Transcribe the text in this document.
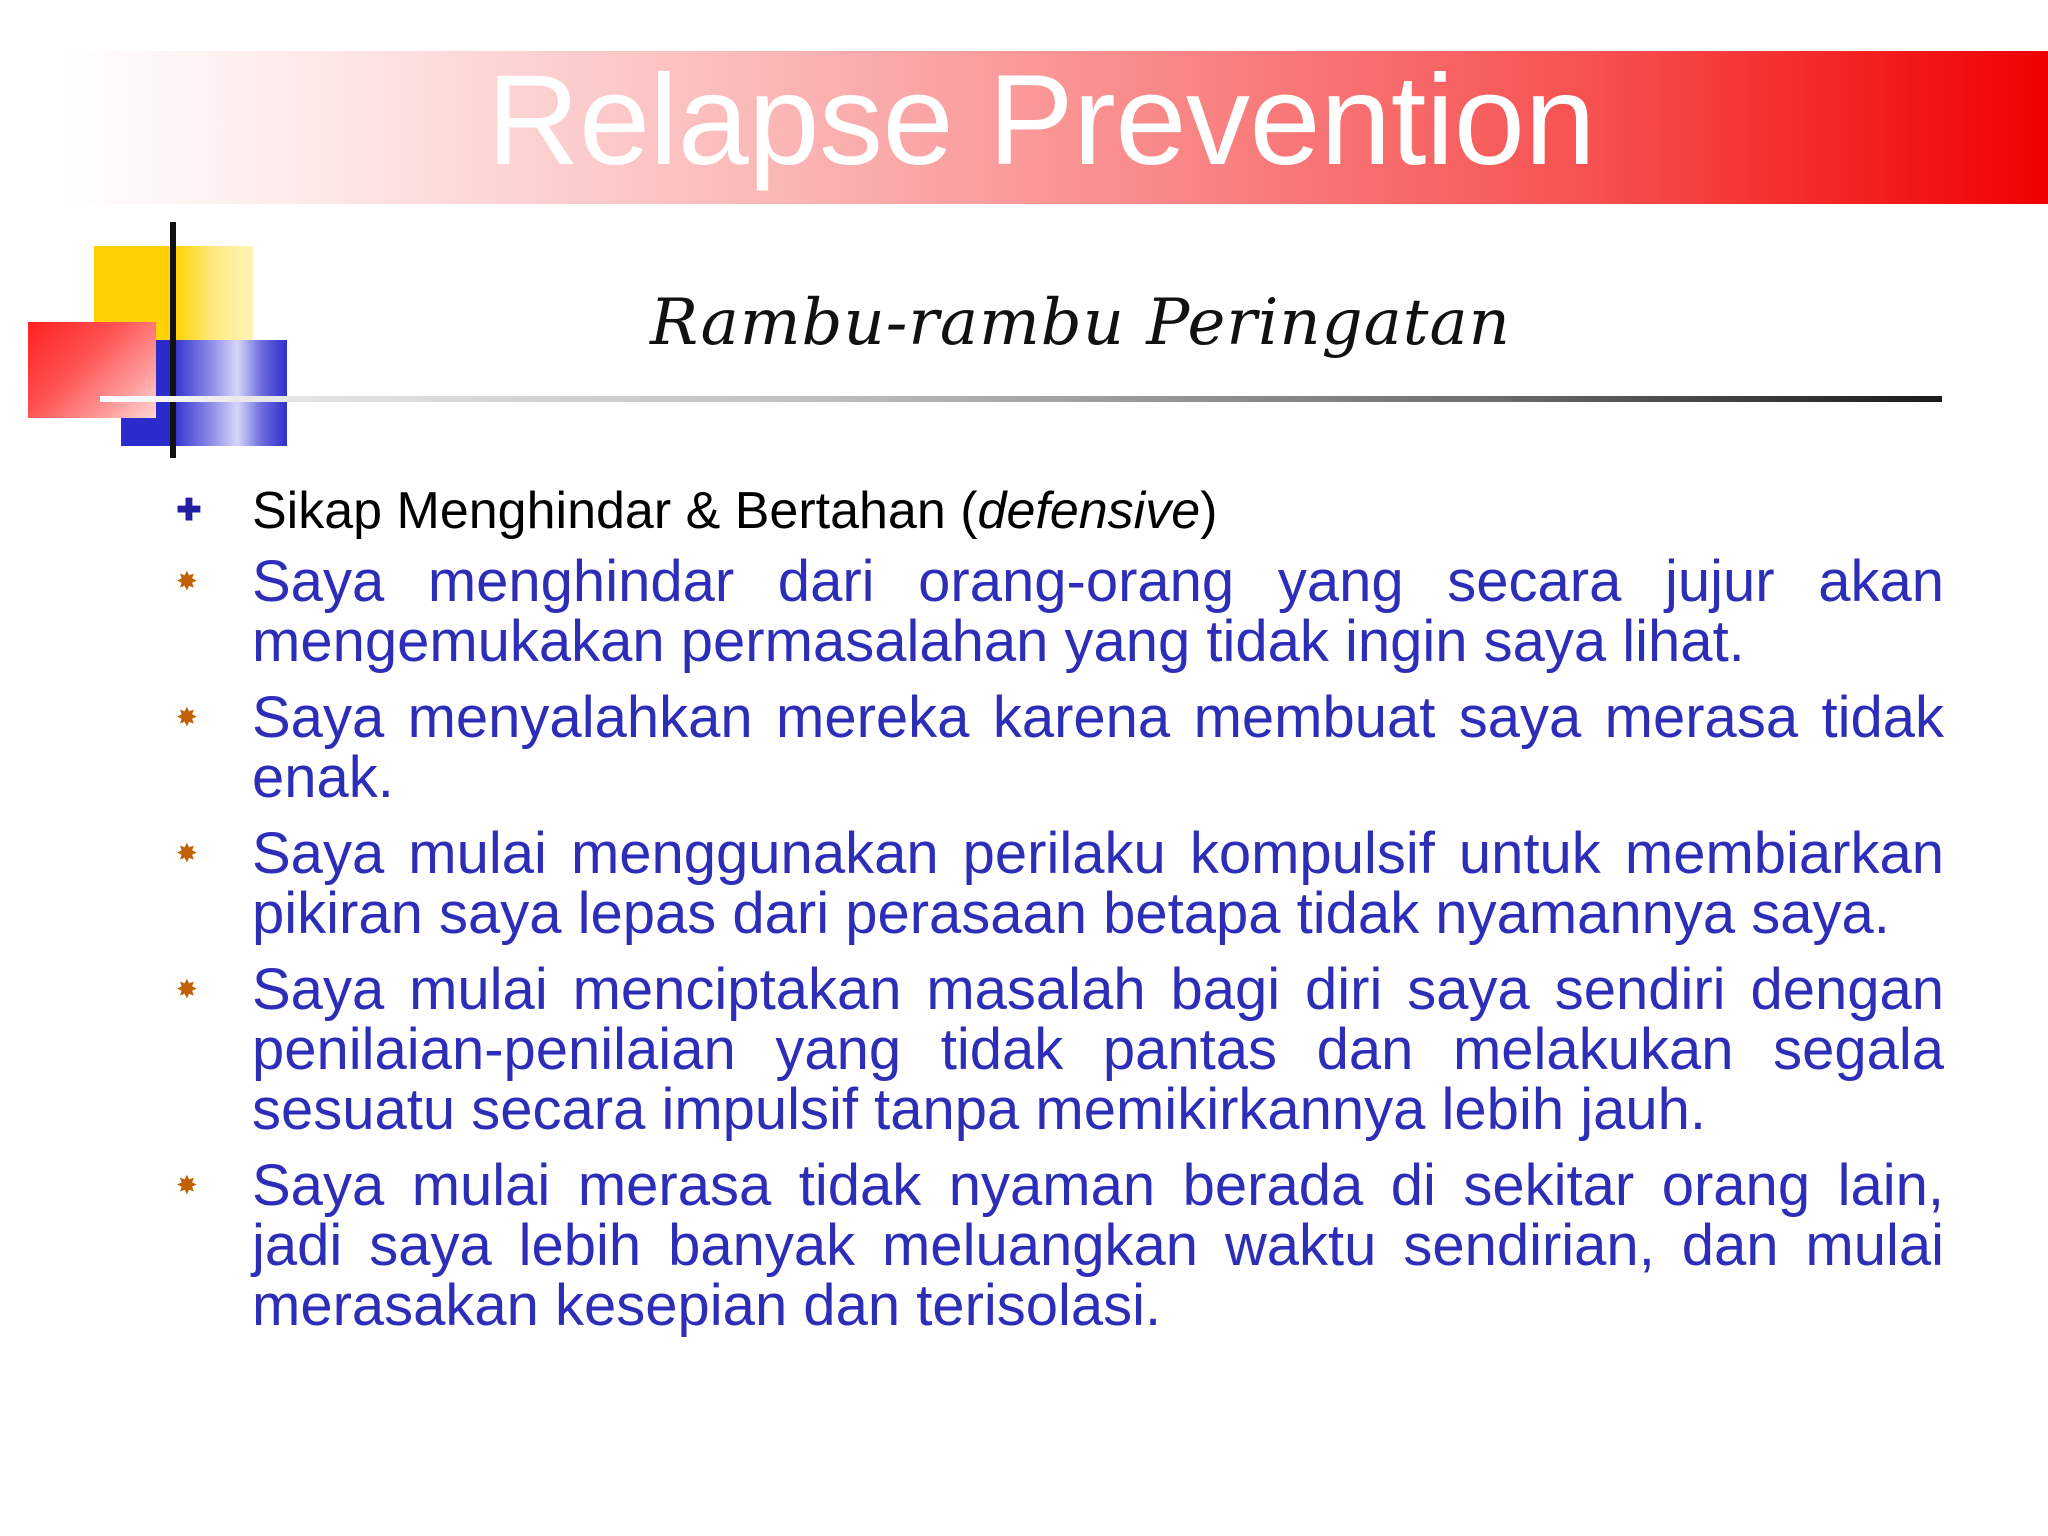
Relapse Prevention
Rambu-rambu Peringatan
✚ Sikap Menghindar & Bertahan (defensive)
✸ Saya menghindar dari orang-orang yang secara jujur akan mengemukakan permasalahan yang tidak ingin saya lihat.
✸ Saya menyalahkan mereka karena membuat saya merasa tidak enak.
✸ Saya mulai menggunakan perilaku kompulsif untuk membiarkan pikiran saya lepas dari perasaan betapa tidak nyamannya saya.
✸ Saya mulai menciptakan masalah bagi diri saya sendiri dengan penilaian-penilaian yang tidak pantas dan melakukan segala sesuatu secara impulsif tanpa memikirkannya lebih jauh.
✸ Saya mulai merasa tidak nyaman berada di sekitar orang lain, jadi saya lebih banyak meluangkan waktu sendirian, dan mulai merasakan kesepian dan terisolasi.
